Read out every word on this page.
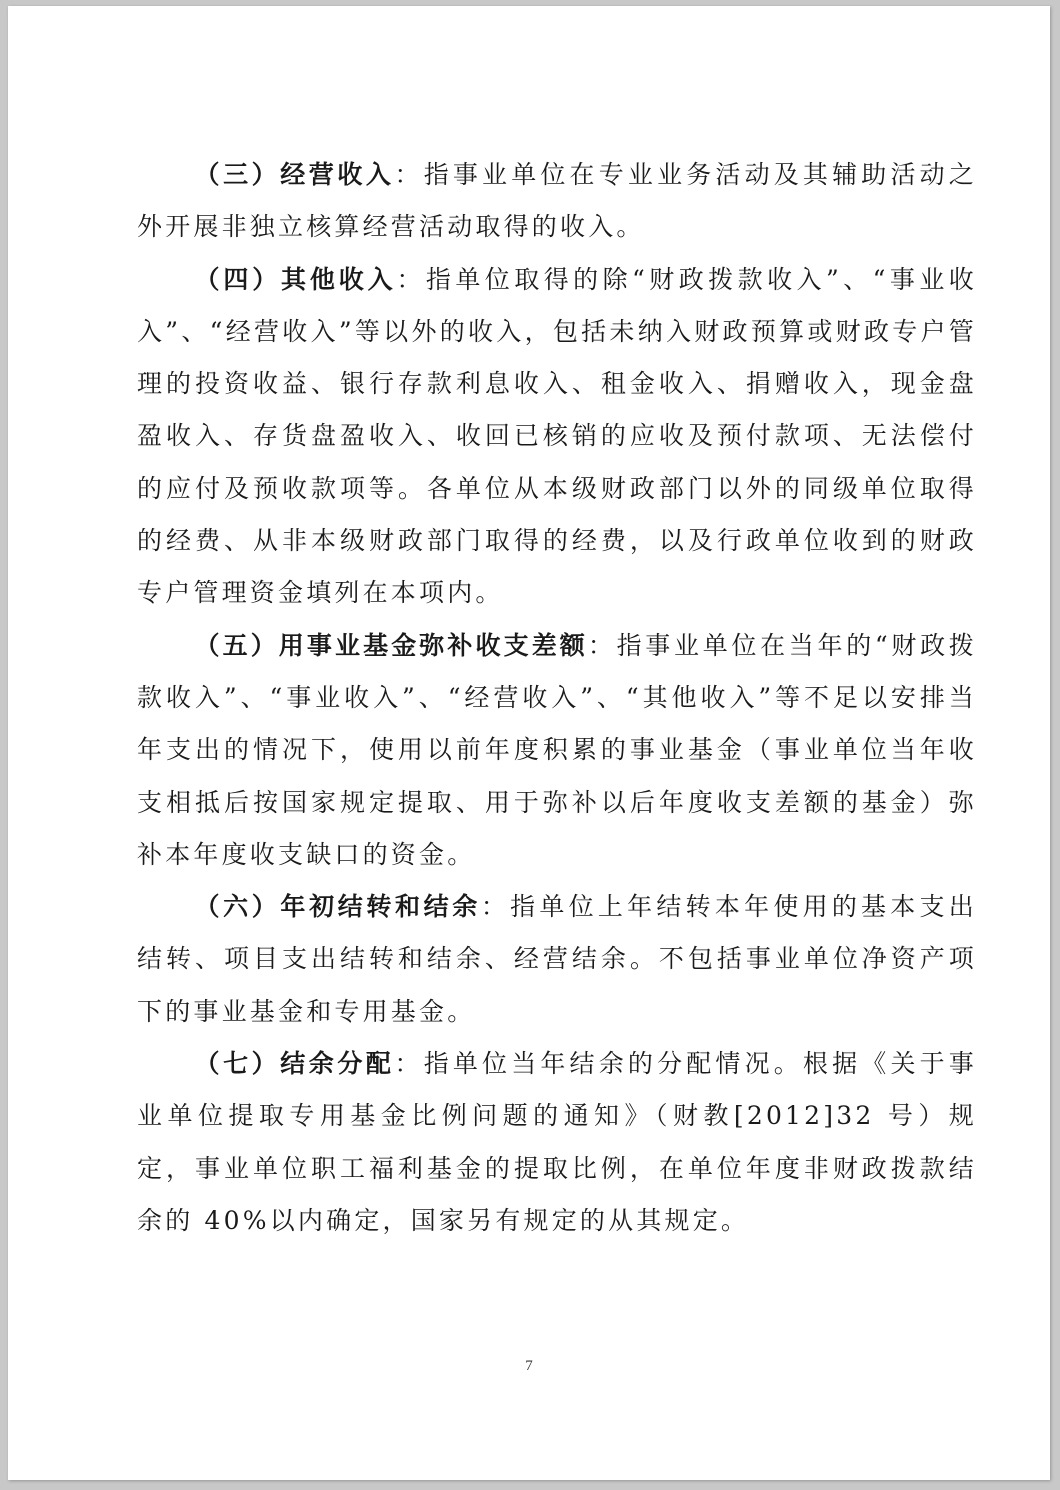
（三）经营收入：指事业单位在专业业务活动及其辅助活动之外开展非独立核算经营活动取得的收入。

（四）其他收入：指单位取得的除“财政拨款收入”、“事业收入”、“经营收入”等以外的收入，包括未纳入财政预算或财政专户管理的投资收益、银行存款利息收入、租金收入、捐赠收入，现金盘盈收入、存货盘盈收入、收回已核销的应收及预付款项、无法偿付的应付及预收款项等。各单位从本级财政部门以外的同级单位取得的经费、从非本级财政部门取得的经费，以及行政单位收到的财政专户管理资金填列在本项内。

（五）用事业基金弥补收支差额：指事业单位在当年的“财政拨款收入”、“事业收入”、“经营收入”、“其他收入”等不足以安排当年支出的情况下，使用以前年度积累的事业基金（事业单位当年收支相抵后按国家规定提取、用于弥补以后年度收支差额的基金）弥补本年度收支缺口的资金。

（六）年初结转和结余：指单位上年结转本年使用的基本支出结转、项目支出结转和结余、经营结余。不包括事业单位净资产项下的事业基金和专用基金。

（七）结余分配：指单位当年结余的分配情况。根据《关于事业单位提取专用基金比例问题的通知》（财教[2012]32 号）规定，事业单位职工福利基金的提取比例，在单位年度非财政拨款结余的 40%以内确定，国家另有规定的从其规定。

7
